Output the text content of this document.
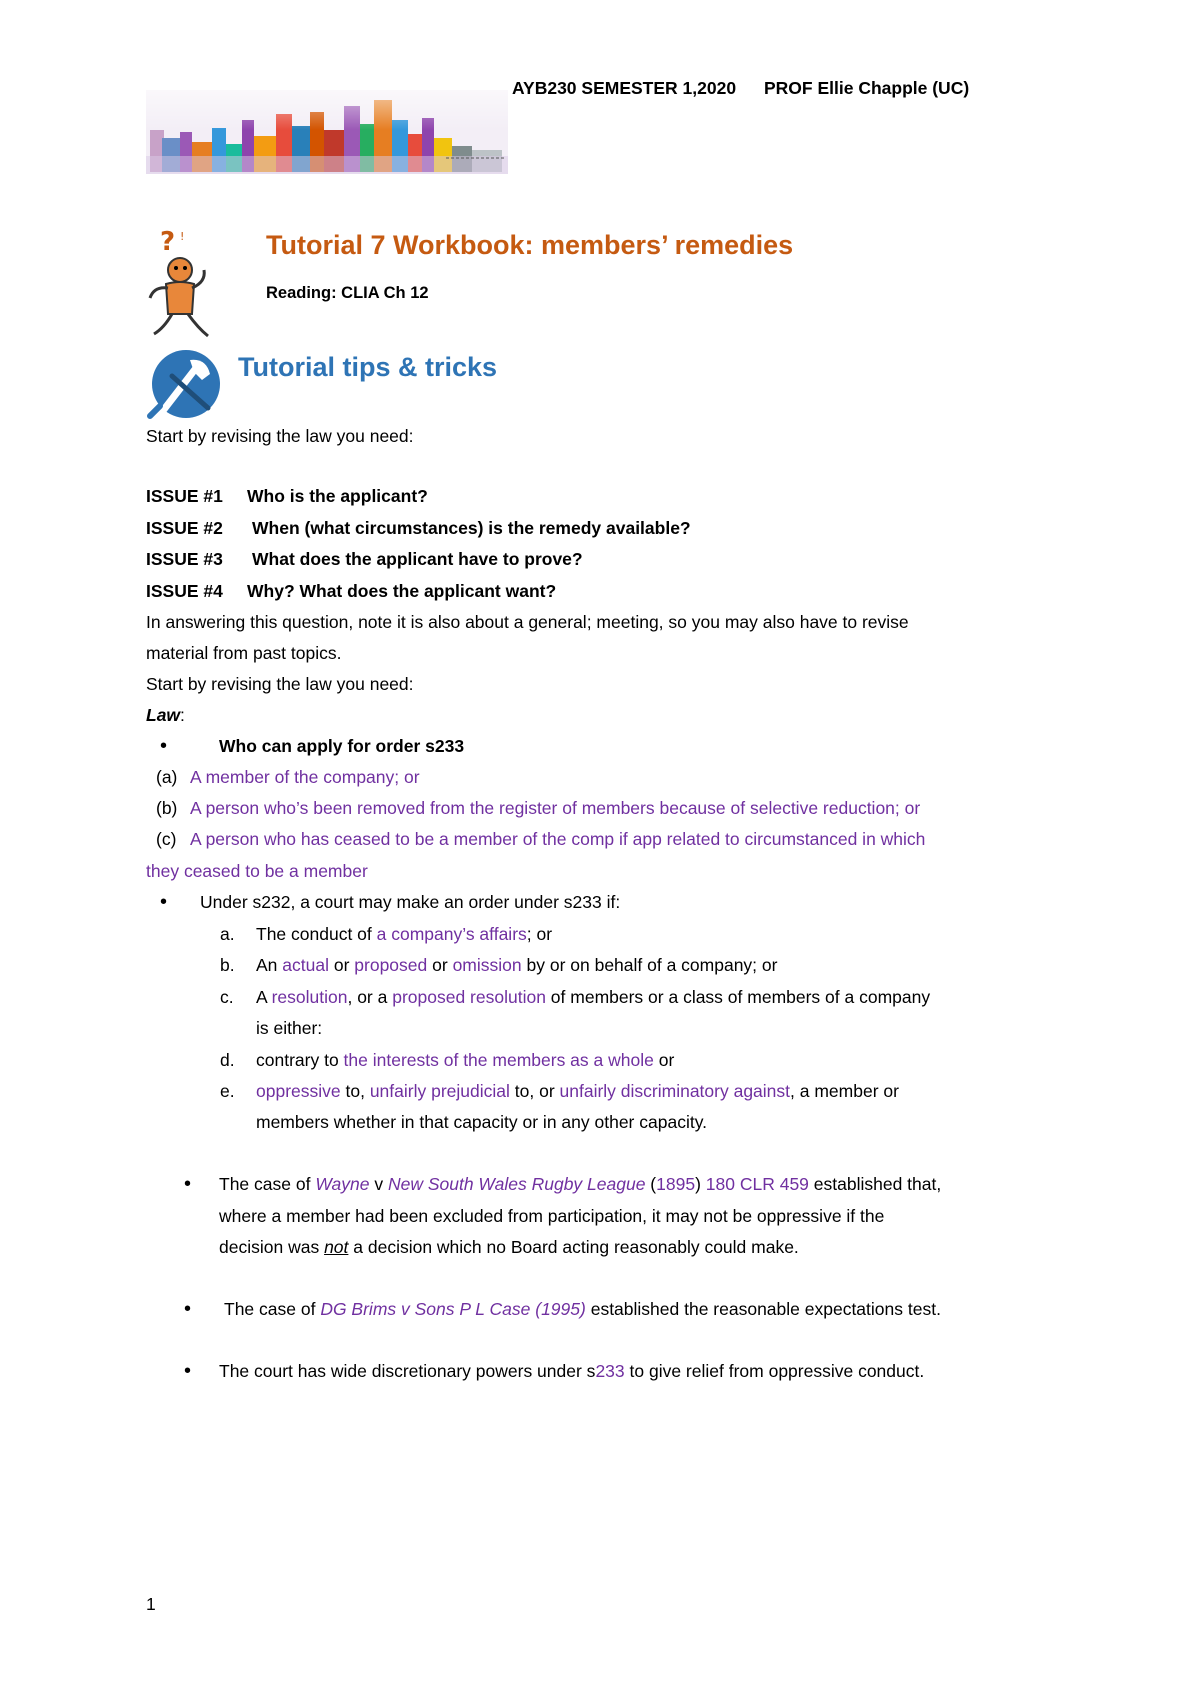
AYB230 SEMESTER 1,2020 PROF Ellie Chapple (UC)
? !	Tutorial 7 Workbook: members’ remedies
Reading: CLIA Ch 12
Tutorial tips & tricks
Start by revising the law you need:
ISSUE #1 Who is the applicant?
ISSUE #2 When (what circumstances) is the remedy available?
ISSUE #3 What does the applicant have to prove?
ISSUE #4 Why? What does the applicant want?
In answering this question, note it is also about a general; meeting, so you may also have to revise
material from past topics.
Start by revising the law you need:
Law:
•	Who can apply for order s233
(a) A member of the company; or
(b) A person who’s been removed from the register of members because of selective reduction; or
(c) A person who has ceased to be a member of the comp if app related to circumstanced in which
they ceased to be a member
• Under s232, a court may make an order under s233 if:
a. The conduct of a company’s affairs; or
b. An actual or proposed or omission by or on behalf of a company; or
c. A resolution, or a proposed resolution of members or a class of members of a company
is either:
d. contrary to the interests of the members as a whole or
e. oppressive to, unfairly prejudicial to, or unfairly discriminatory against, a member or
members whether in that capacity or in any other capacity.
• The case of Wayne v New South Wales Rugby League (1895) 180 CLR 459 established that,
where a member had been excluded from participation, it may not be oppressive if the
decision was not a decision which no Board acting reasonably could make.
• The case of DG Brims v Sons P L Case (1995) established the reasonable expectations test.
• The court has wide discretionary powers under s233 to give relief from oppressive conduct.
1
